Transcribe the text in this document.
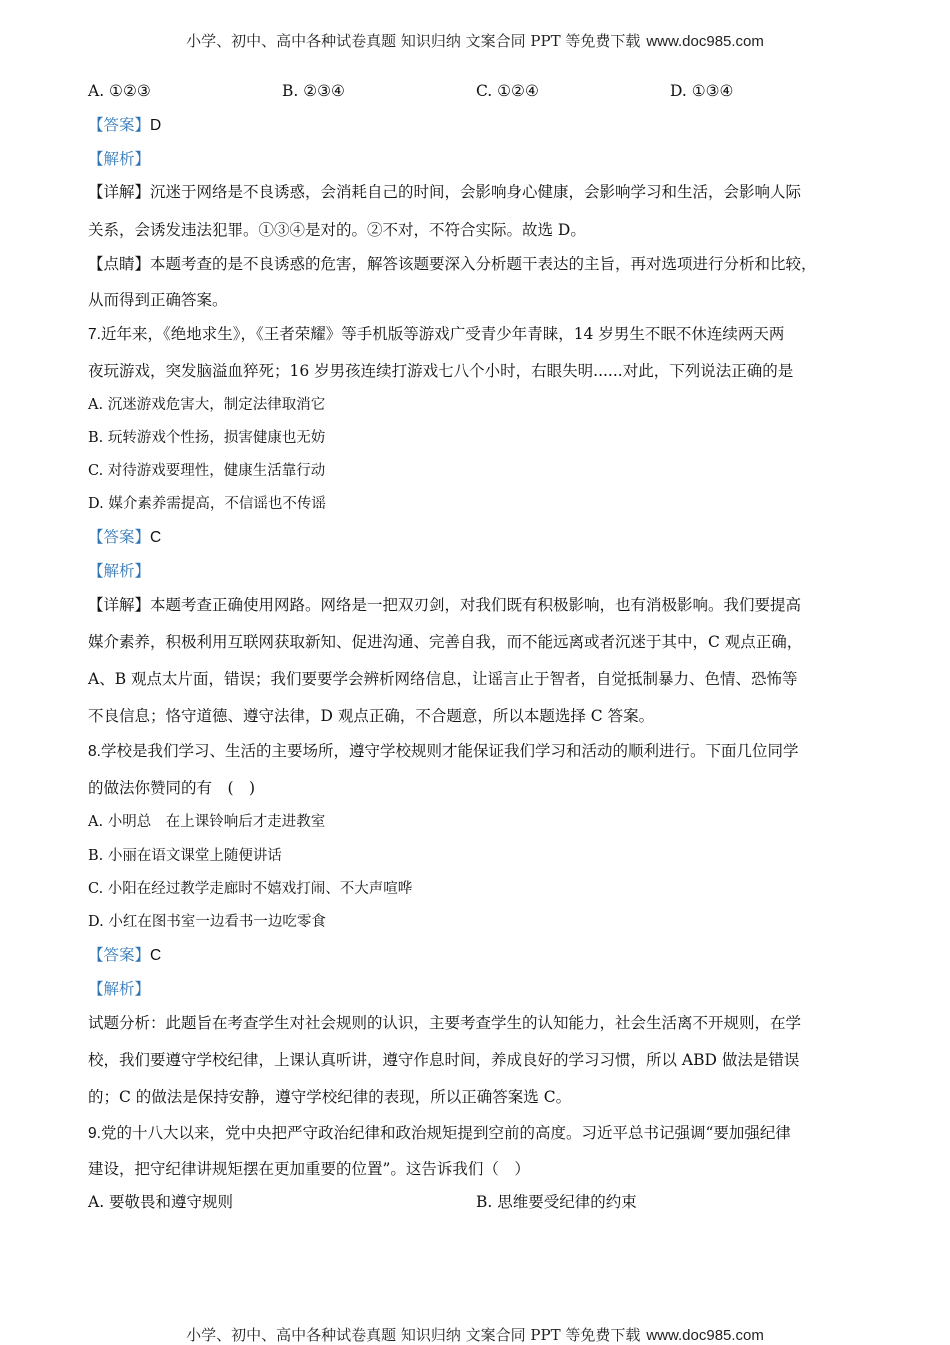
小学、初中、高中各种试卷真题 知识归纳 文案合同 PPT 等免费下载 www.doc985.com
A. ①②③	B. ②③④	C. ①②④	D. ①③④
【答案】D
【解析】
【详解】沉迷于网络是不良诱惑，会消耗自己的时间，会影响身心健康，会影响学习和生活，会影响人际
关系，会诱发违法犯罪。①③④是对的。②不对，不符合实际。故选 D。
【点睛】本题考查的是不良诱惑的危害，解答该题要深入分析题干表达的主旨，再对选项进行分析和比较，
从而得到正确答案。
7.近年来，《绝地求生》，《王者荣耀》等手机版等游戏广受青少年青睐，14 岁男生不眠不休连续两天两
夜玩游戏，突发脑溢血猝死；16 岁男孩连续打游戏七八个小时，右眼失明......对此，下列说法正确的是
A. 沉迷游戏危害大，制定法律取消它
B. 玩转游戏个性扬，损害健康也无妨
C. 对待游戏要理性，健康生活靠行动
D. 媒介素养需提高，不信谣也不传谣
【答案】C
【解析】
【详解】本题考查正确使用网路。网络是一把双刃剑，对我们既有积极影响，也有消极影响。我们要提高
媒介素养，积极利用互联网获取新知、促进沟通、完善自我，而不能远离或者沉迷于其中，C 观点正确，
A、B 观点太片面，错误；我们要要学会辨析网络信息，让谣言止于智者，自觉抵制暴力、色情、恐怖等
不良信息；恪守道德、遵守法律，D 观点正确，不合题意，所以本题选择 C 答案。
8.学校是我们学习、生活的主要场所，遵守学校规则才能保证我们学习和活动的顺利进行。下面几位同学
的做法你赞同的有　(　)
A. 小明总　在上课铃响后才走进教室
B. 小丽在语文课堂上随便讲话
C. 小阳在经过教学走廊时不嬉戏打闹、不大声喧哗
D. 小红在图书室一边看书一边吃零食
【答案】C
【解析】
试题分析：此题旨在考查学生对社会规则的认识，主要考查学生的认知能力，社会生活离不开规则，在学
校，我们要遵守学校纪律，上课认真听讲，遵守作息时间，养成良好的学习习惯，所以 ABD 做法是错误
的；C 的做法是保持安静，遵守学校纪律的表现，所以正确答案选 C。
9.党的十八大以来，党中央把严守政治纪律和政治规矩提到空前的高度。习近平总书记强调“要加强纪律
建设，把守纪律讲规矩摆在更加重要的位置”。这告诉我们（　）
A. 要敬畏和遵守规则	B. 思维要受纪律的约束
小学、初中、高中各种试卷真题 知识归纳 文案合同 PPT 等免费下载 www.doc985.com
